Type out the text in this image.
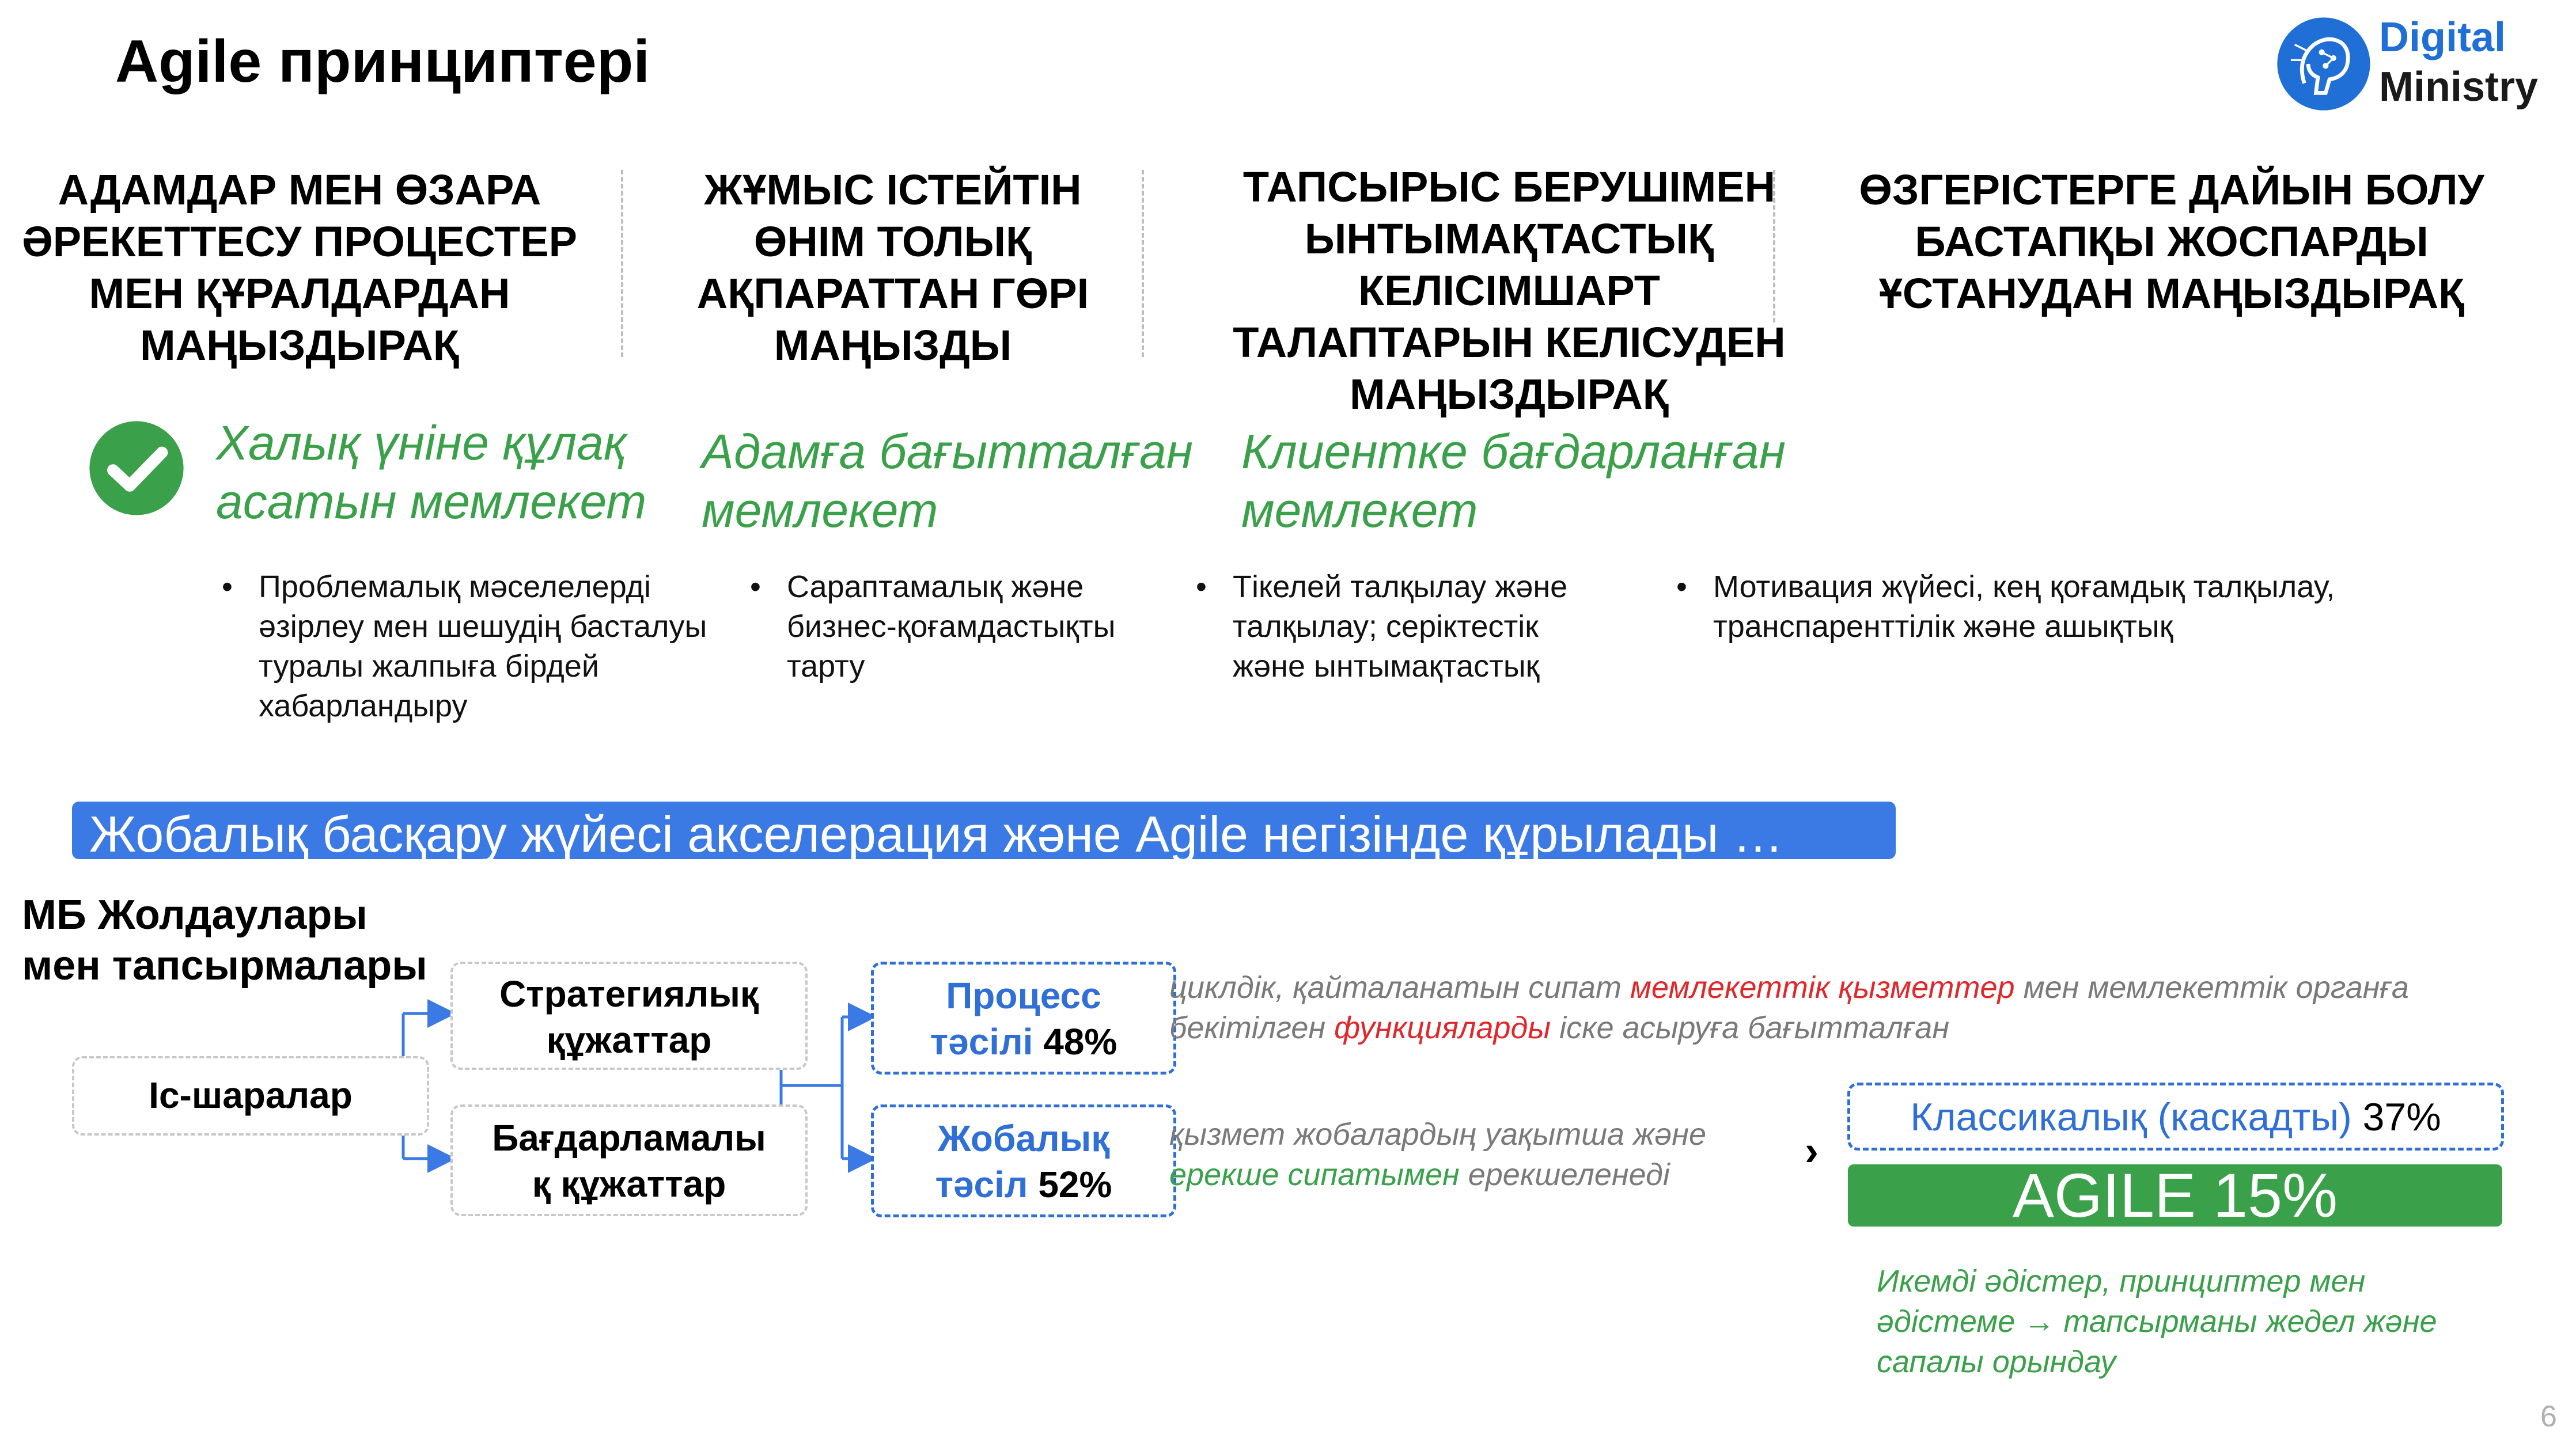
Agile принциптері	Digital
Ministry
АДАМДАР МЕН ӨЗАРА
ӘРЕКЕТТЕСУ ПРОЦЕСТЕР
МЕН ҚҰРАЛДАРДАН
МАҢЫЗДЫРАҚ
ЖҰМЫС ІСТЕЙТІН
ӨНІМ ТОЛЫҚ
АҚПАРАТТАН ГӨРІ
МАҢЫЗДЫ
ТАПСЫРЫС БЕРУШІМЕН
ЫНТЫМАҚТАСТЫҚ
КЕЛІСІМШАРТ
ТАЛАПТАРЫН КЕЛІСУДЕН
МАҢЫЗДЫРАҚ
ӨЗГЕРІСТЕРГЕ ДАЙЫН БОЛУ
БАСТАПҚЫ ЖОСПАРДЫ
ҰСТАНУДАН МАҢЫЗДЫРАҚ
Халық үніне құлақ
асатын мемлекет
Адамға бағытталған
мемлекет
Клиентке бағдарланған
мемлекет
• Проблемалық мәселелерді
әзірлеу мен шешудің басталуы
туралы жалпыға бірдей
хабарландыру
• Сараптамалық және
бизнес-қоғамдастықты
тарту
• Тікелей талқылау және
талқылау; серіктестік
және ынтымақтастық
• Мотивация жүйесі, кең қоғамдық талқылау,
транспаренттілік және ашықтық
Жобалық басқару жүйесі акселерация және Agile негізінде құрылады …
МБ Жолдаулары
мен тапсырмалары
Іс-шаралар
Стратегиялық
құжаттар
Бағдарламалы
қ құжаттар
Процесс
тәсілі 48%
Жобалық
тәсіл 52%
циклдік, қайталанатын сипат мемлекеттік қызметтер мен мемлекеттік органға
бекітілген функцияларды іске асыруға бағытталған
қызмет жобалардың уақытша және
ерекше сипатымен ерекшеленеді
›
Классикалық (каскадты) 37%
AGILE 15%
Икемді әдістер, принциптер мен
әдістеме → тапсырманы жедел және
сапалы орындау
6
